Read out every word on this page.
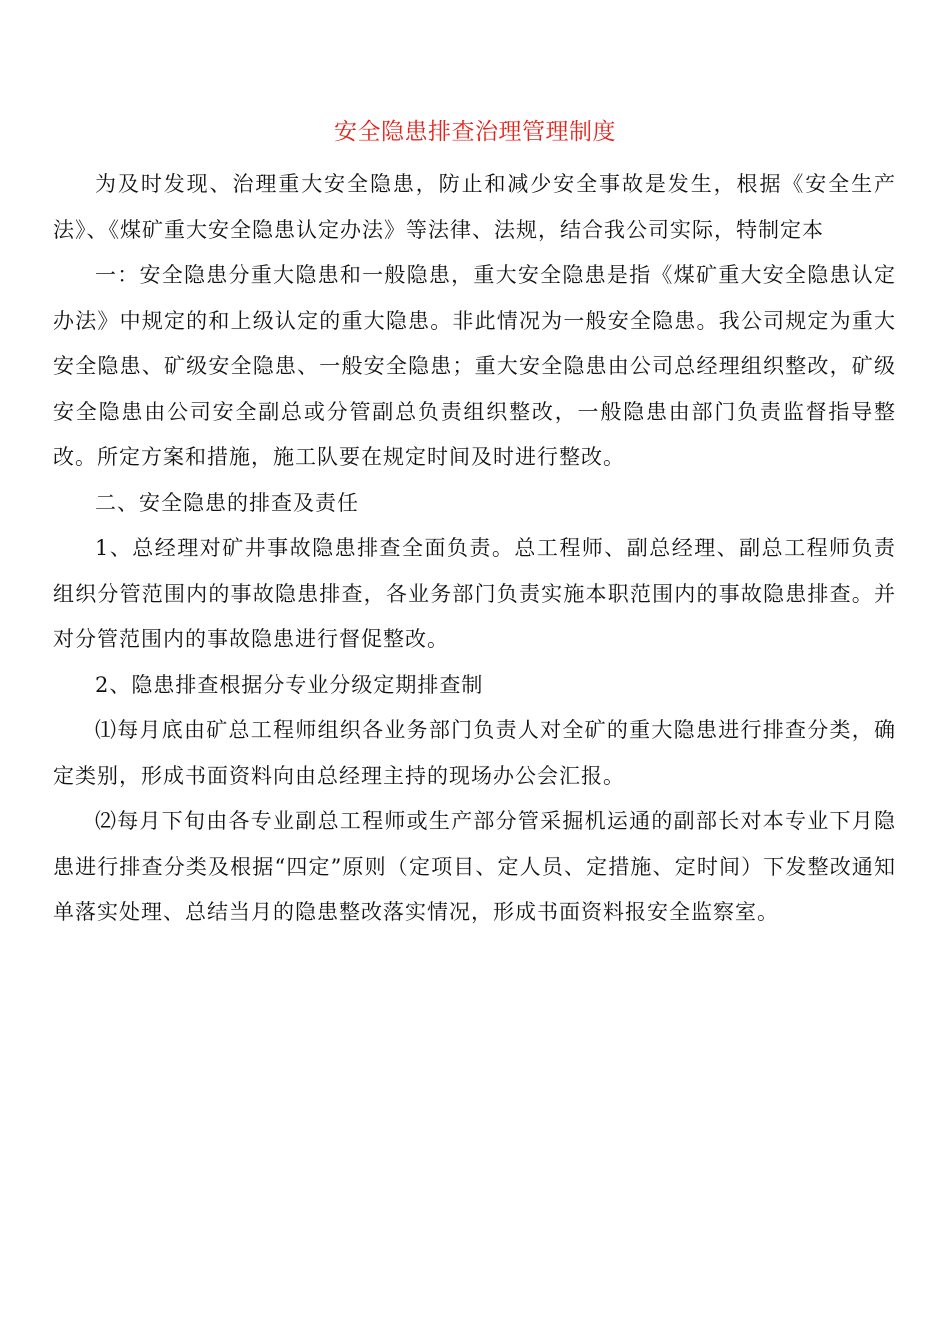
安全隐患排查治理管理制度

为及时发现、治理重大安全隐患，防止和减少安全事故是发生，根据《安全生产法》、《煤矿重大安全隐患认定办法》等法律、法规，结合我公司实际，特制定本

一：安全隐患分重大隐患和一般隐患，重大安全隐患是指《煤矿重大安全隐患认定办法》中规定的和上级认定的重大隐患。非此情况为一般安全隐患。我公司规定为重大安全隐患、矿级安全隐患、一般安全隐患；重大安全隐患由公司总经理组织整改，矿级安全隐患由公司安全副总或分管副总负责组织整改，一般隐患由部门负责监督指导整改。所定方案和措施，施工队要在规定时间及时进行整改。

二、安全隐患的排查及责任

1、总经理对矿井事故隐患排查全面负责。总工程师、副总经理、副总工程师负责组织分管范围内的事故隐患排查，各业务部门负责实施本职范围内的事故隐患排查。并对分管范围内的事故隐患进行督促整改。

2、隐患排查根据分专业分级定期排查制

⑴每月底由矿总工程师组织各业务部门负责人对全矿的重大隐患进行排查分类，确定类别，形成书面资料向由总经理主持的现场办公会汇报。

⑵每月下旬由各专业副总工程师或生产部分管采掘机运通的副部长对本专业下月隐患进行排查分类及根据“四定”原则（定项目、定人员、定措施、定时间）下发整改通知单落实处理、总结当月的隐患整改落实情况，形成书面资料报安全监察室。
